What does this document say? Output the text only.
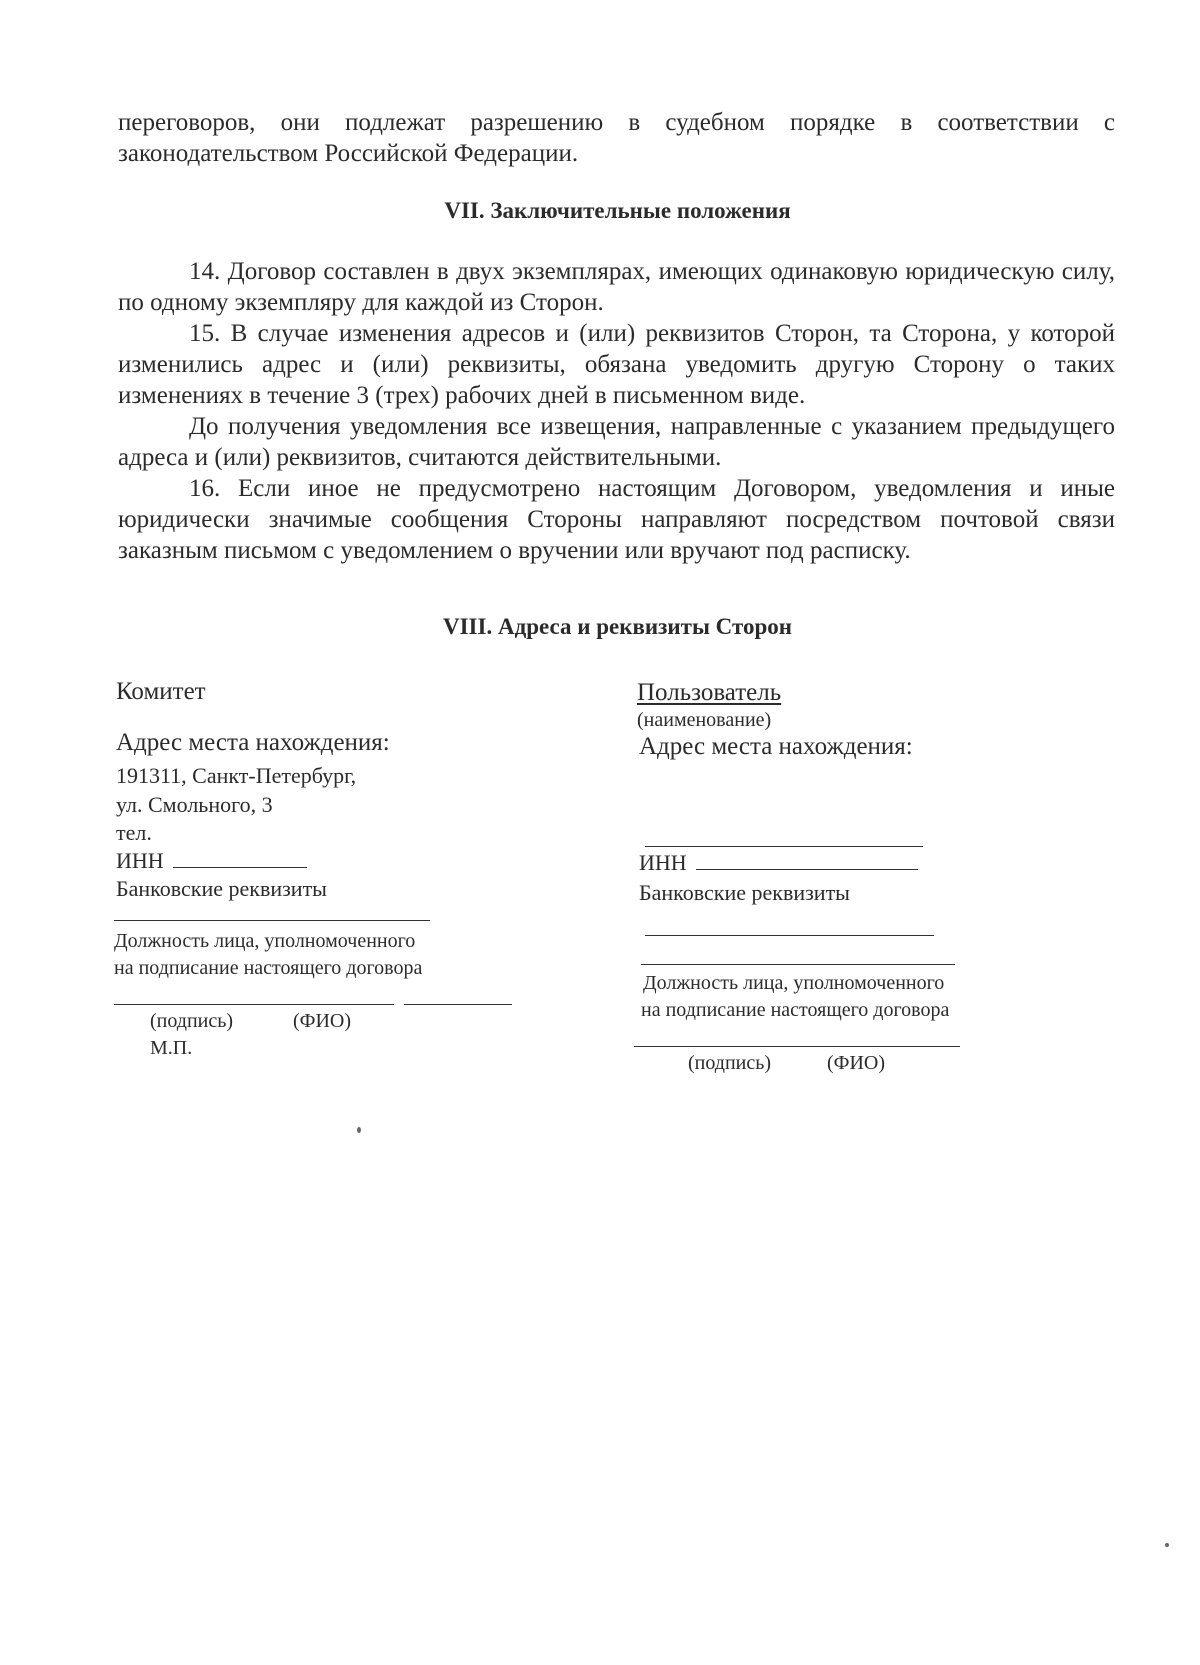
переговоров, они подлежат разрешению в судебном порядке в соответствии с законодательством Российской Федерации.

VII. Заключительные положения

14. Договор составлен в двух экземплярах, имеющих одинаковую юридическую силу, по одному экземпляру для каждой из Сторон.

15. В случае изменения адресов и (или) реквизитов Сторон, та Сторона, у которой изменились адрес и (или) реквизиты, обязана уведомить другую Сторону о таких изменениях в течение 3 (трех) рабочих дней в письменном виде.

До получения уведомления все извещения, направленные с указанием предыдущего адреса и (или) реквизитов, считаются действительными.

16. Если иное не предусмотрено настоящим Договором, уведомления и иные юридически значимые сообщения Стороны направляют посредством почтовой связи заказным письмом с уведомлением о вручении или вручают под расписку.

VIII. Адреса и реквизиты Сторон
Комитет
Адрес места нахождения:
191311, Санкт-Петербург,
ул. Смольного, 3
тел.
ИНН
Банковские реквизиты
Должность лица, уполномоченного
на подписание настоящего договора
(подпись)	(ФИО)
М.П.
Пользователь
(наименование)
Адрес места нахождения:
ИНН
Банковские реквизиты
Должность лица, уполномоченного
на подписание настоящего договора
(подпись)	(ФИО)
